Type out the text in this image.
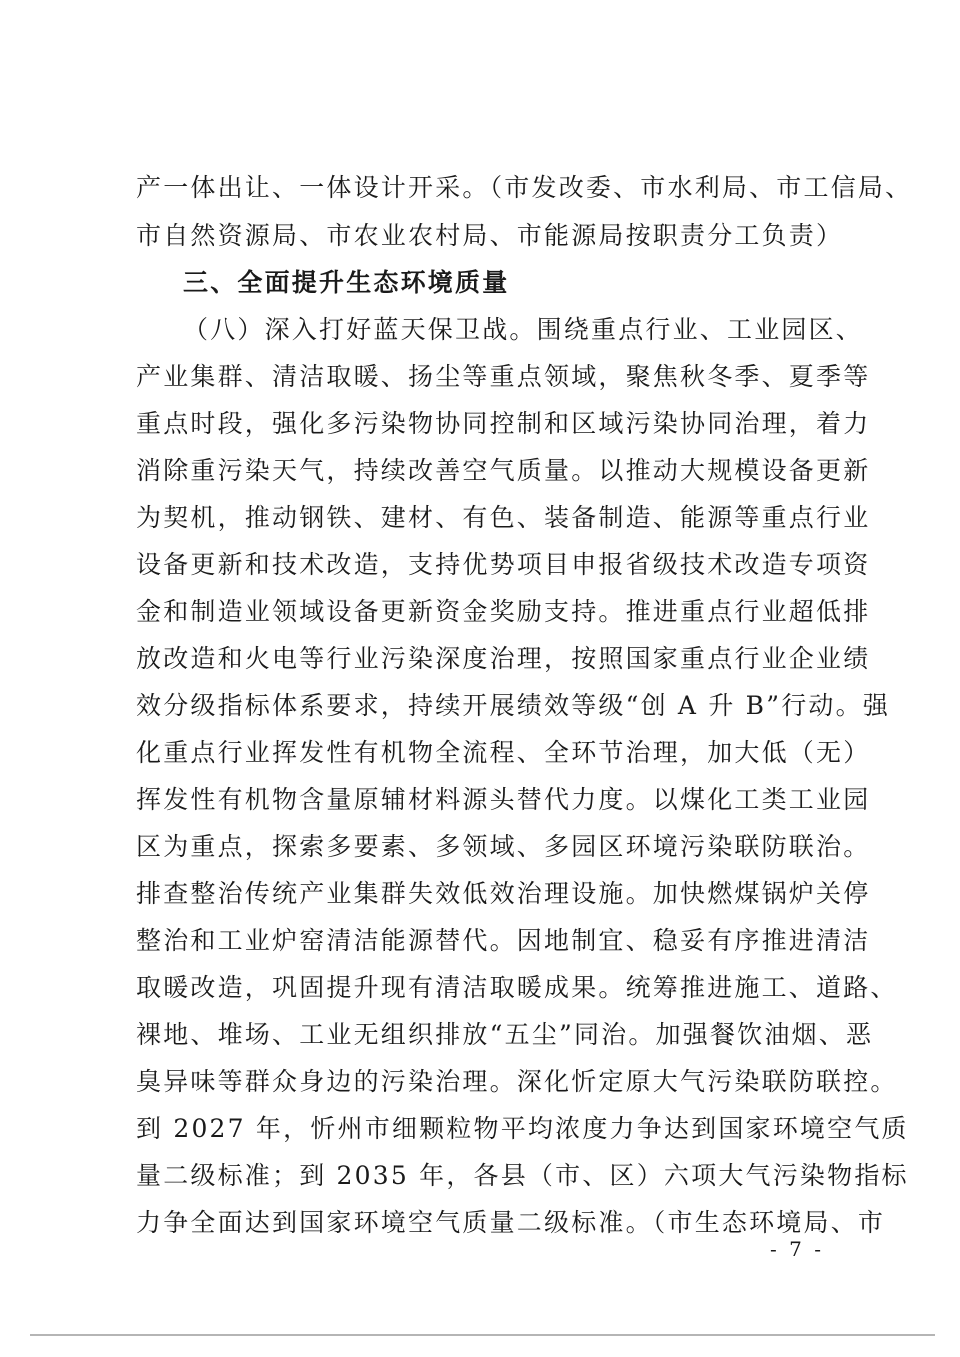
产一体出让、一体设计开采。（市发改委、市水利局、市工信局、
市自然资源局、市农业农村局、市能源局按职责分工负责）
三、全面提升生态环境质量
（八）深入打好蓝天保卫战。围绕重点行业、工业园区、
产业集群、清洁取暖、扬尘等重点领域，聚焦秋冬季、夏季等
重点时段，强化多污染物协同控制和区域污染协同治理，着力
消除重污染天气，持续改善空气质量。以推动大规模设备更新
为契机，推动钢铁、建材、有色、装备制造、能源等重点行业
设备更新和技术改造，支持优势项目申报省级技术改造专项资
金和制造业领域设备更新资金奖励支持。推进重点行业超低排
放改造和火电等行业污染深度治理，按照国家重点行业企业绩
效分级指标体系要求，持续开展绩效等级“创 A 升 B”行动。强
化重点行业挥发性有机物全流程、全环节治理，加大低（无）
挥发性有机物含量原辅材料源头替代力度。以煤化工类工业园
区为重点，探索多要素、多领域、多园区环境污染联防联治。
排查整治传统产业集群失效低效治理设施。加快燃煤锅炉关停
整治和工业炉窑清洁能源替代。因地制宜、稳妥有序推进清洁
取暖改造，巩固提升现有清洁取暖成果。统筹推进施工、道路、
裸地、堆场、工业无组织排放“五尘”同治。加强餐饮油烟、恶
臭异味等群众身边的污染治理。深化忻定原大气污染联防联控。
到 2027 年，忻州市细颗粒物平均浓度力争达到国家环境空气质
量二级标准；到 2035 年，各县（市、区）六项大气污染物指标
力争全面达到国家环境空气质量二级标准。（市生态环境局、市
- 7 -
